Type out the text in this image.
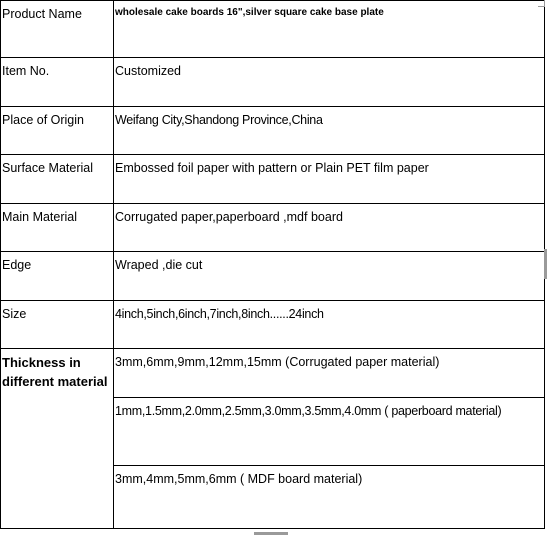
Product Name	wholesale cake boards 16",silver square cake base plate
Item No.	Customized
Place of Origin	Weifang City,Shandong Province,China
Surface Material	Embossed foil paper with pattern or Plain PET film paper
Main Material	Corrugated paper,paperboard ,mdf board
Edge	Wraped ,die cut
Size	4inch,5inch,6inch,7inch,8inch......24inch
Thickness in different material	3mm,6mm,9mm,12mm,15mm (Corrugated paper material)
	1mm,1.5mm,2.0mm,2.5mm,3.0mm,3.5mm,4.0mm ( paperboard material)
	3mm,4mm,5mm,6mm ( MDF board material)
